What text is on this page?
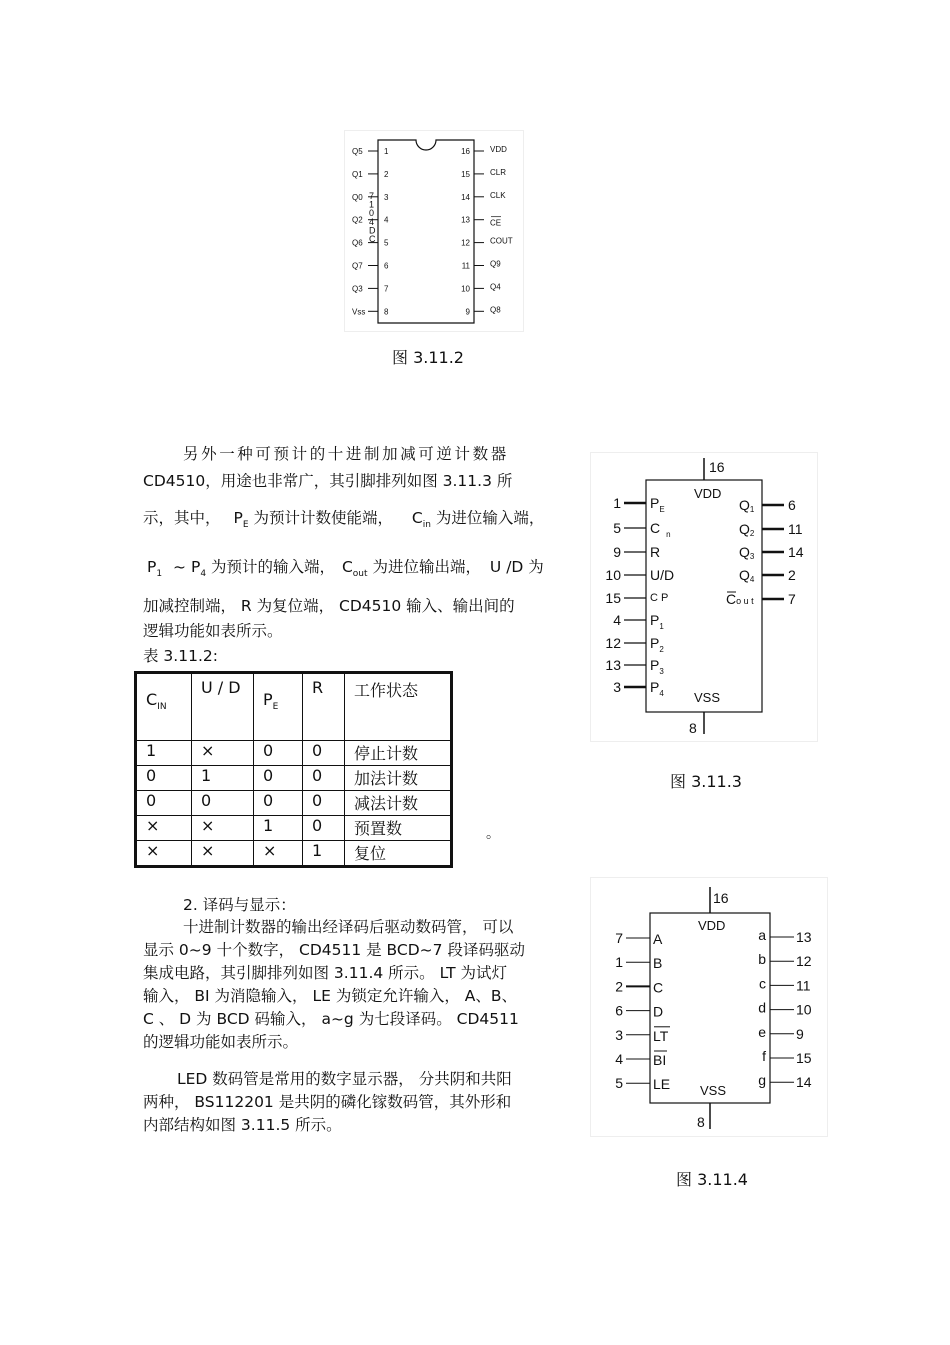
Q5	1
Q1	2
Q0	3
Q2	4
Q6	5
Q7	6
Q3	7
Vss 8
16	VDD
15	CLR
14	CLK
13	CE
12	COUT
11	Q9
10	Q4
9	Q8
7
1
0
4
D
C
图 3.11.2
另外一种可预计的十进制加减可逆计数器
CD4510，用途也非常广，其引脚排列如图 3.11.3 所
示，其中， $P_E$ 为预计计数使能端， $C_{in}$ 为进位输入端，
$P_1$ ~ $P_4$ 为预计的输入端， $C_{out}$ 为进位输出端， U /D 为
加减控制端， R 为复位端， CD4510 输入、输出间的
逻辑功能如表所示。
表 3.11.2:
$C_{IN}$	U / D	$P_E$	R	工作状态
1	×	0	0	停止计数
0	1	0	0	加法计数
0	0	0	0	减法计数
×	×	1	0	预置数
×	×	×	1	复位
。
16
8
VDD
VSS
1 $P_E$
5 C $_n$
9 R
10 U/D
15	C P
4 $P_1$
12 $P_2$
13 $P_3$
3 $P_4$
6
Q1
11
Q2
14
Q3
2
Q4
7
Co u t
图 3.11.3
2. 译码与显示：

十进制计数器的输出经译码后驱动数码管， 可以

显示 0~9 十个数字， CD4511 是 BCD~7 段译码驱动

集成电路，其引脚排列如图 3.11.4 所示。 LT 为试灯

输入， BI 为消隐输入， LE 为锁定允许输入， A、B、

C 、 D 为 BCD 码输入， a~g 为七段译码。 CD4511

的逻辑功能如表所示。

LED 数码管是常用的数字显示器， 分共阴和共阳

两种， BS112201 是共阴的磷化镓数码管，其外形和

内部结构如图 3.11.5 所示。

16
8
VDD
VSS
7 A
1 B
2 C
6 D
3 LT
4 BI
5 LE
13
a
12
b
11
c
10
d
9
e
15
f
14
g
图 3.11.4
